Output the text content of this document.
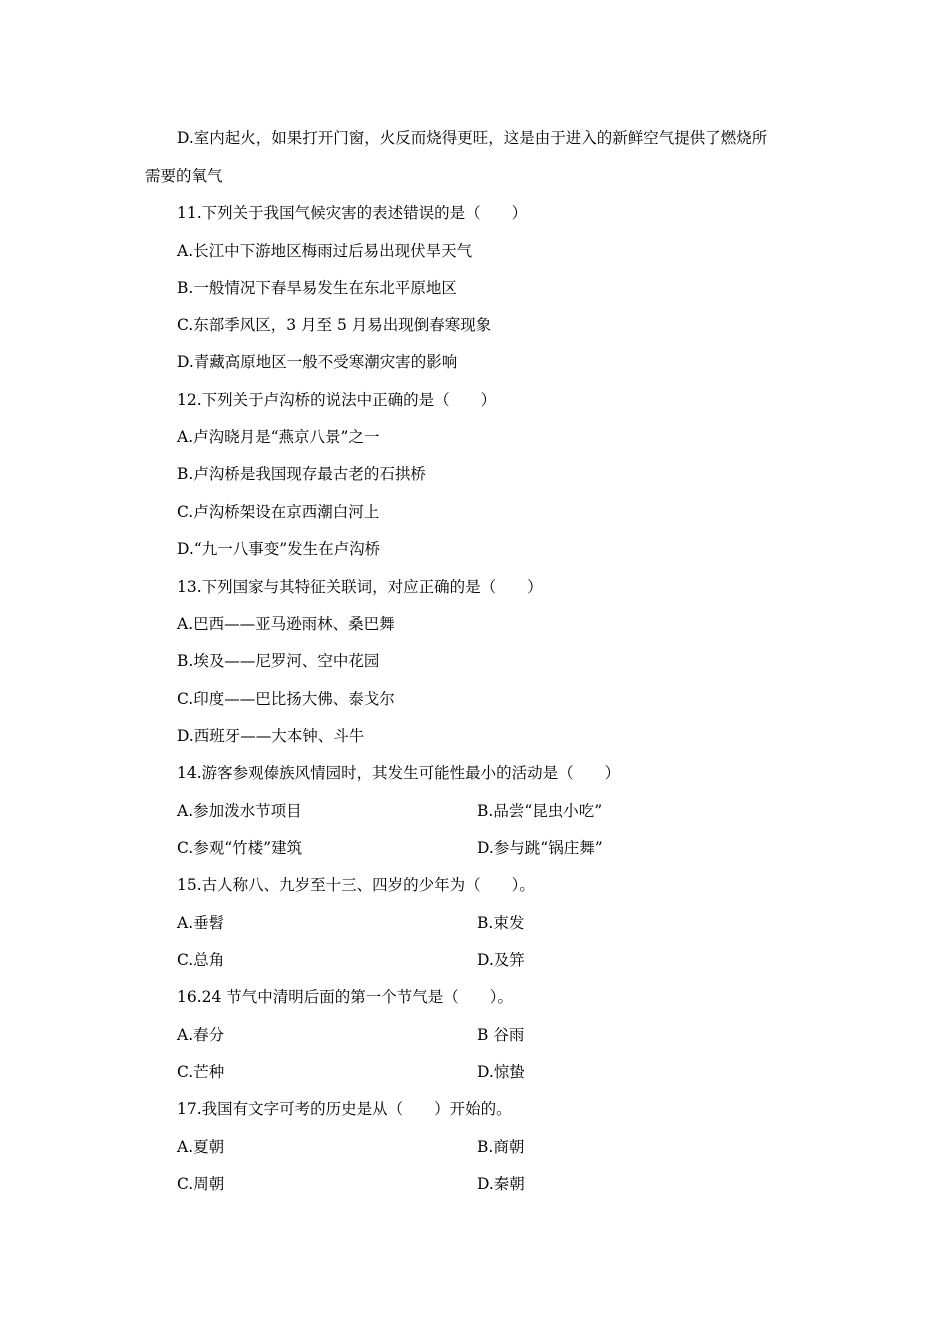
D.室内起火，如果打开门窗，火反而烧得更旺，这是由于进入的新鲜空气提供了燃烧所
需要的氧气
11.下列关于我国气候灾害的表述错误的是（　　）
A.长江中下游地区梅雨过后易出现伏旱天气
B.一般情况下春旱易发生在东北平原地区
C.东部季风区，3 月至 5 月易出现倒春寒现象
D.青藏高原地区一般不受寒潮灾害的影响
12.下列关于卢沟桥的说法中正确的是（　　）
A.卢沟晓月是“燕京八景”之一
B.卢沟桥是我国现存最古老的石拱桥
C.卢沟桥架设在京西潮白河上
D.“九一八事变”发生在卢沟桥
13.下列国家与其特征关联词，对应正确的是（　　）
A.巴西——亚马逊雨林、桑巴舞
B.埃及——尼罗河、空中花园
C.印度——巴比扬大佛、泰戈尔
D.西班牙——大本钟、斗牛
14.游客参观傣族风情园时，其发生可能性最小的活动是（　　）
A.参加泼水节项目	B.品尝“昆虫小吃”
C.参观“竹楼”建筑	D.参与跳“锅庄舞”
15.古人称八、九岁至十三、四岁的少年为（　　）。
A.垂髫	B.束发
C.总角	D.及笄
16.24 节气中清明后面的第一个节气是（　　）。
A.春分	B 谷雨
C.芒种	D.惊蛰
17.我国有文字可考的历史是从（　　）开始的。
A.夏朝	B.商朝
C.周朝	D.秦朝
